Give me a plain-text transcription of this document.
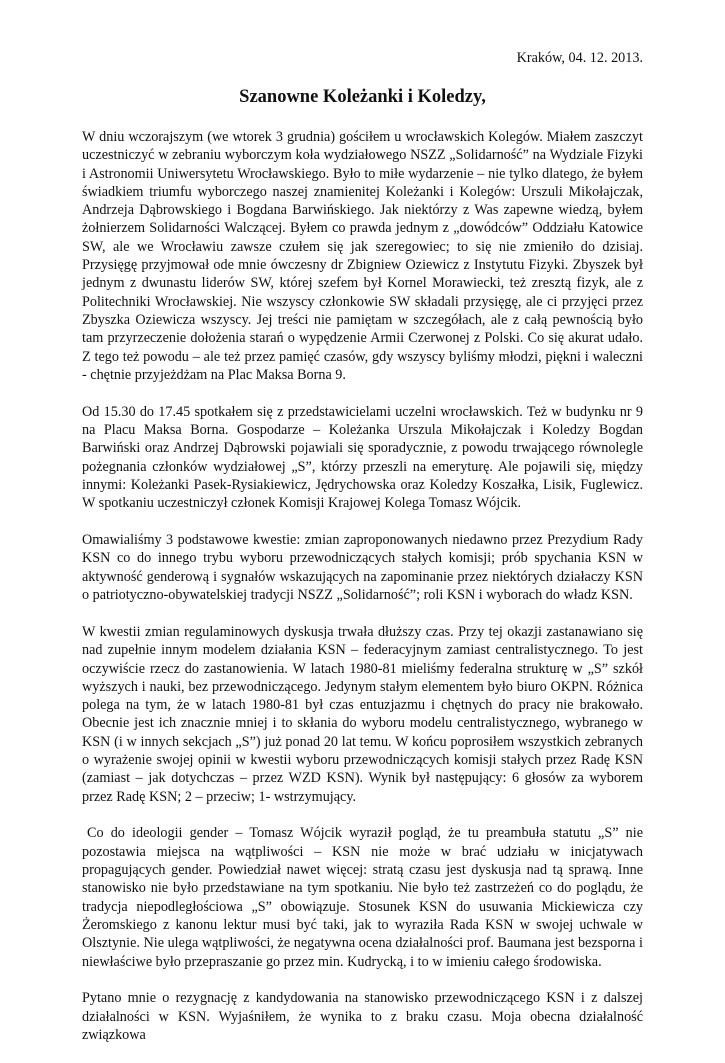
Kraków, 04. 12. 2013.
Szanowne Koleżanki i Koledzy,

W dniu wczorajszym (we wtorek 3 grudnia) gościłem u wrocławskich Kolegów. Miałem zaszczyt uczestniczyć w zebraniu wyborczym koła wydziałowego NSZZ „Solidarność” na Wydziale Fizyki i Astronomii Uniwersytetu Wrocławskiego. Było to miłe wydarzenie – nie tylko dlatego, że byłem świadkiem triumfu wyborczego naszej znamienitej Koleżanki i Kolegów: Urszuli Mikołajczak, Andrzeja Dąbrowskiego i Bogdana Barwińskiego. Jak niektórzy z Was zapewne wiedzą, byłem żołnierzem Solidarności Walczącej. Byłem co prawda jednym z „dowódców” Oddziału Katowice SW, ale we Wrocławiu zawsze czułem się jak szeregowiec; to się nie zmieniło do dzisiaj. Przysięgę przyjmował ode mnie ówczesny dr Zbigniew Oziewicz z Instytutu Fizyki. Zbyszek był jednym z dwunastu liderów SW, której szefem był Kornel Morawiecki, też zresztą fizyk, ale z Politechniki Wrocławskiej. Nie wszyscy członkowie SW składali przysięgę, ale ci przyjęci przez Zbyszka Oziewicza wszyscy. Jej treści nie pamiętam w szczegółach, ale z całą pewnością było tam przyrzeczenie dołożenia starań o wypędzenie Armii Czerwonej z Polski. Co się akurat udało. Z tego też powodu – ale też przez pamięć czasów, gdy wszyscy byliśmy młodzi, piękni i waleczni - chętnie przyjeżdżam na Plac Maksa Borna 9.

Od 15.30 do 17.45 spotkałem się z przedstawicielami uczelni wrocławskich. Też w budynku nr 9 na Placu Maksa Borna. Gospodarze – Koleżanka Urszula Mikołajczak i Koledzy Bogdan Barwiński oraz Andrzej Dąbrowski pojawiali się sporadycznie, z powodu trwającego równolegle pożegnania członków wydziałowej „S”, którzy przeszli na emeryturę. Ale pojawili się, między innymi: Koleżanki Pasek-Rysiakiewicz, Jędrychowska oraz Koledzy Koszałka, Lisik, Fuglewicz. W spotkaniu uczestniczył członek Komisji Krajowej Kolega Tomasz Wójcik.

Omawialiśmy 3 podstawowe kwestie: zmian zaproponowanych niedawno przez Prezydium Rady KSN co do innego trybu wyboru przewodniczących stałych komisji; prób spychania KSN w aktywność genderową i sygnałów wskazujących na zapominanie przez niektórych działaczy KSN o patriotyczno-obywatelskiej tradycji NSZZ „Solidarność”; roli KSN i wyborach do władz KSN.

W kwestii zmian regulaminowych dyskusja trwała dłuższy czas. Przy tej okazji zastanawiano się nad zupełnie innym modelem działania KSN – federacyjnym zamiast centralistycznego. To jest oczywiście rzecz do zastanowienia. W latach 1980-81 mieliśmy federalna strukturę w „S” szkół wyższych i nauki, bez przewodniczącego. Jedynym stałym elementem było biuro OKPN. Różnica polega na tym, że w latach 1980-81 był czas entuzjazmu i chętnych do pracy nie brakowało. Obecnie jest ich znacznie mniej i to skłania do wyboru modelu centralistycznego, wybranego w KSN (i w innych sekcjach „S”) już ponad 20 lat temu. W końcu poprosiłem wszystkich zebranych o wyrażenie swojej opinii w kwestii wyboru przewodniczących komisji stałych przez Radę KSN (zamiast – jak dotychczas – przez WZD KSN). Wynik był następujący: 6 głosów za wyborem przez Radę KSN; 2 – przeciw; 1- wstrzymujący.

Co do ideologii gender – Tomasz Wójcik wyraził pogląd, że tu preambuła statutu „S” nie pozostawia miejsca na wątpliwości – KSN nie może w brać udziału w inicjatywach propagujących gender. Powiedział nawet więcej: stratą czasu jest dyskusja nad tą sprawą. Inne stanowisko nie było przedstawiane na tym spotkaniu. Nie było też zastrzeżeń co do poglądu, że tradycja niepodległościowa „S” obowiązuje. Stosunek KSN do usuwania Mickiewicza czy Żeromskiego z kanonu lektur musi być taki, jak to wyraziła Rada KSN w swojej uchwale w Olsztynie. Nie ulega wątpliwości, że negatywna ocena działalności prof. Baumana jest bezsporna i niewłaściwe było przepraszanie go przez min. Kudrycką, i to w imieniu całego środowiska.

Pytano mnie o rezygnację z kandydowania na stanowisko przewodniczącego KSN i z dalszej działalności w KSN. Wyjaśniłem, że wynika to z braku czasu. Moja obecna działalność związkowa
